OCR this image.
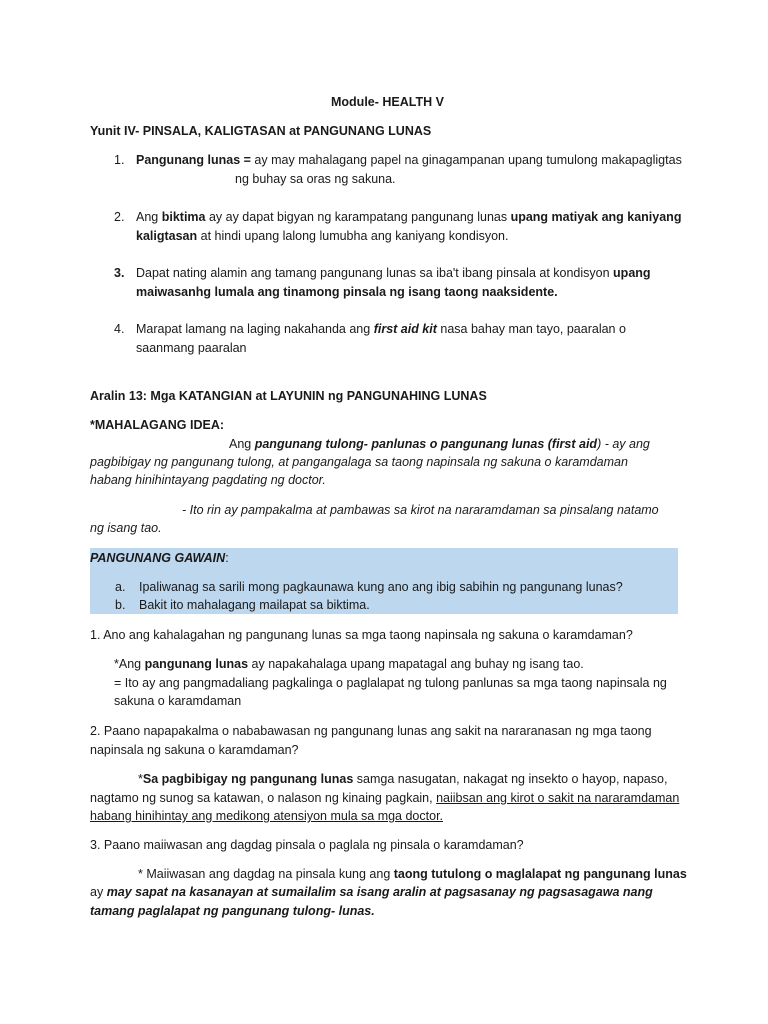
Module- HEALTH V
Yunit IV- PINSALA, KALIGTASAN at PANGUNANG LUNAS
1. Pangunang lunas = ay may mahalagang papel na ginagampanan upang tumulong makapagligtas
ng buhay sa oras ng sakuna.
2. Ang biktima ay ay dapat bigyan ng karampatang pangunang lunas upang matiyak ang kaniyang
kaligtasan at hindi upang lalong lumubha ang kaniyang kondisyon.
3. Dapat nating alamin ang tamang pangunang lunas sa iba't ibang pinsala at kondisyon upang
maiwasanhg lumala ang tinamong pinsala ng isang taong naaksidente.
4. Marapat lamang na laging nakahanda ang first aid kit nasa bahay man tayo, paaralan o
saanmang paaralan
Aralin 13: Mga KATANGIAN at LAYUNIN ng PANGUNAHING LUNAS
*MAHALAGANG IDEA:
Ang pangunang tulong- panlunas o pangunang lunas (first aid) - ay ang
pagbibigay ng pangunang tulong, at pangangalaga sa taong napinsala ng sakuna o karamdaman
habang hinihintayang pagdating ng doctor.
- Ito rin ay pampakalma at pambawas sa kirot na nararamdaman sa pinsalang natamo
ng isang tao.
PANGUNANG GAWAIN:
a. Ipaliwanag sa sarili mong pagkaunawa kung ano ang ibig sabihin ng pangunang lunas?
b. Bakit ito mahalagang mailapat sa biktima.
1. Ano ang kahalagahan ng pangunang lunas sa mga taong napinsala ng sakuna o karamdaman?
*Ang pangunang lunas ay napakahalaga upang mapatagal ang buhay ng isang tao.
= Ito ay ang pangmadaliang pagkalinga o paglalapat ng tulong panlunas sa mga taong napinsala ng
sakuna o karamdaman
2. Paano napapakalma o nababawasan ng pangunang lunas ang sakit na nararanasan ng mga taong
napinsala ng sakuna o karamdaman?
*Sa pagbibigay ng pangunang lunas samga nasugatan, nakagat ng insekto o hayop, napaso,
nagtamo ng sunog sa katawan, o nalason ng kinaing pagkain, naiibsan ang kirot o sakit na nararamdaman
habang hinihintay ang medikong atensiyon mula sa mga doctor.
3. Paano maiiwasan ang dagdag pinsala o paglala ng pinsala o karamdaman?
* Maiiwasan ang dagdag na pinsala kung ang taong tutulong o maglalapat ng pangunang lunas
ay may sapat na kasanayan at sumailalim sa isang aralin at pagsasanay ng pagsasagawa nang
tamang paglalapat ng pangunang tulong- lunas.
